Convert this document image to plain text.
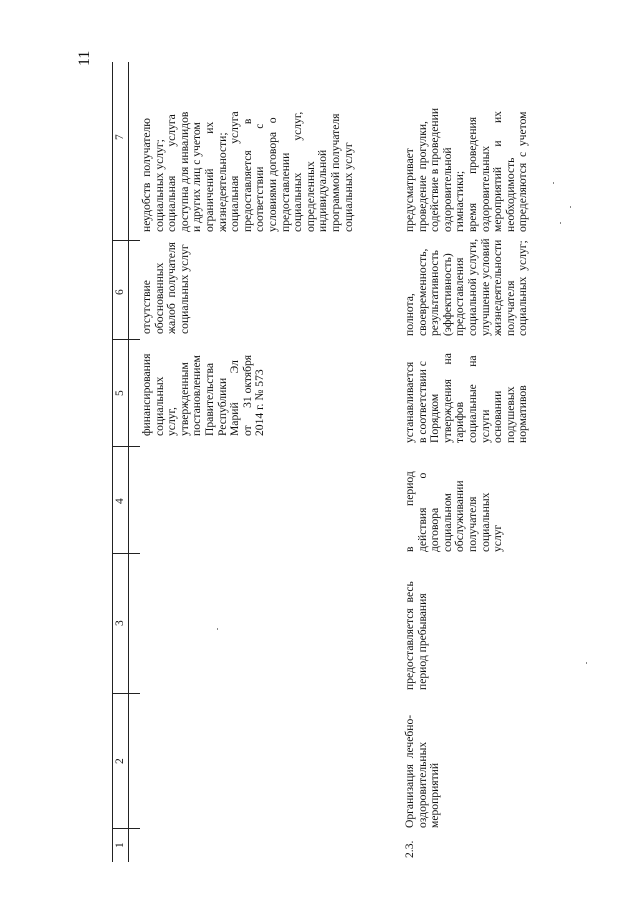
11
1
2
3
4
5
6
7
финансирования
социальных
услуг,
утвержденным
постановлением
Правительства
Республики
Марий          Эл
от      31 октября
2014 г. № 573
отсутствие
обоснованных
жалоб  получателя
социальных услуг
неудобств  получателю
социальных услуг;
социальная          услуга
доступна для инвалидов
и других лиц с учетом
ограничений            их
жизнедеятельности;
социальная           услуга
предоставляется         в
соответствии             с
условиями договора   о
предоставлении
социальных           услуг,
определенных
индивидуальной
программой получателя
социальных услуг
2.3.
Организация  лечебно-
оздоровительных
мероприятий
предоставляется  весь
период пребывания
в              период
действия          о
договора
социальном
обслуживании
получателя
социальных
услуг
устанавливается
в соответствии с
Порядком
утверждения     на
тарифов
социальные      на
услуги
основании
подушевых
нормативов
полнота,
своевременность,
результативность
(эффективность)
предоставления
социальной услуги,
улучшение условий
жизнедеятельности
получателя
социальных  услуг;
предусматривает
проведение  прогулки,
содействие в проведении
оздоровительной
гимнастики;
время          проведения
оздоровительных
мероприятий       и      их
необходимость
определяются  с  учетом
